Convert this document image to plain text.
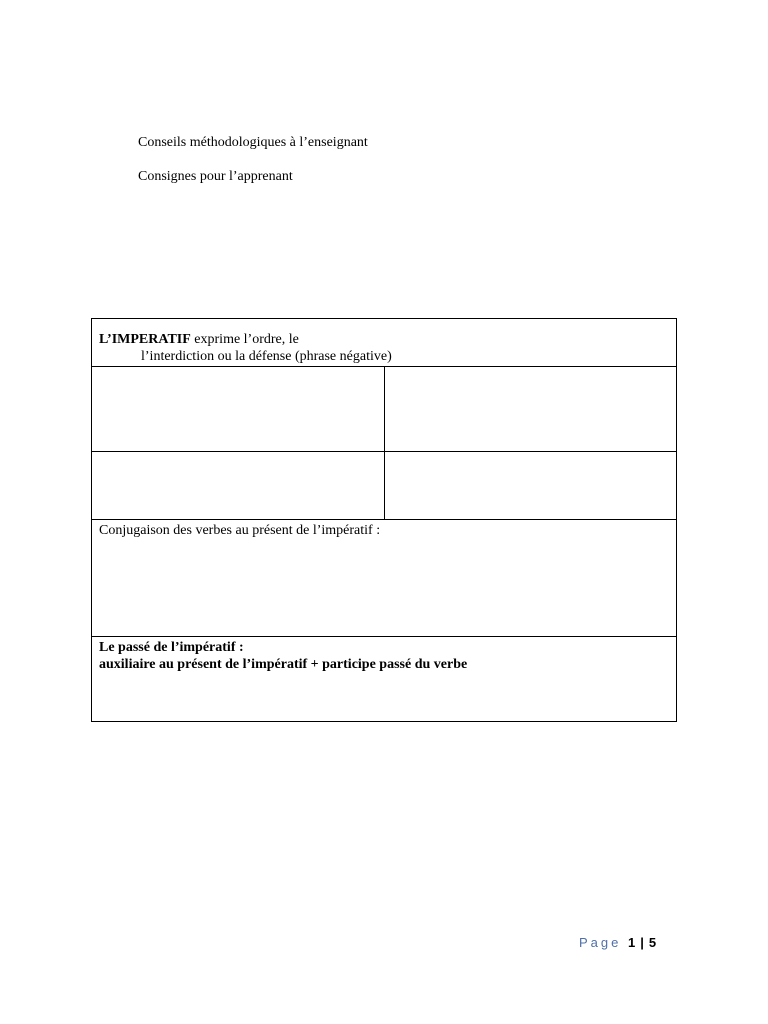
Conseils méthodologiques à l’enseignant
Consignes pour l’apprenant
L’IMPERATIF exprime l’ordre, le
l’interdiction ou la défense (phrase négative)
Conjugaison des verbes au présent de l’impératif :
Le passé de l’impératif :
auxiliaire au présent de l’impératif + participe passé du verbe
Page 1 | 5
